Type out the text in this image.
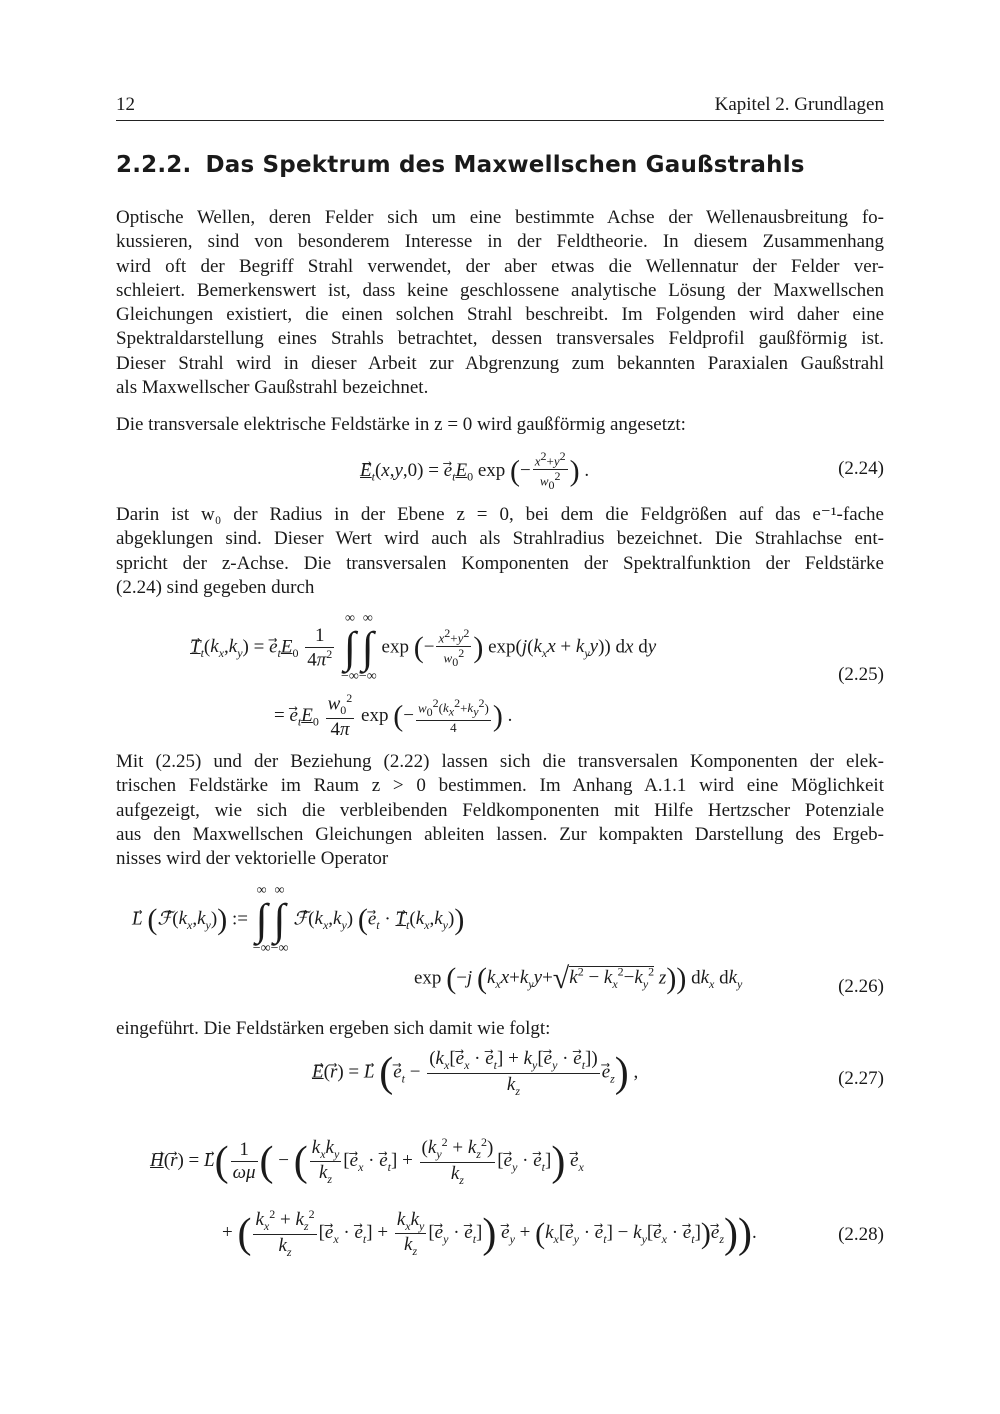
12	Kapitel 2. Grundlagen
2.2.2. Das Spektrum des Maxwellschen Gaußstrahls
Optische Wellen, deren Felder sich um eine bestimmte Achse der Wellenausbreitung fo-
kussieren, sind von besonderem Interesse in der Feldtheorie. In diesem Zusammenhang
wird oft der Begriff Strahl verwendet, der aber etwas die Wellennatur der Felder ver-
schleiert. Bemerkenswert ist, dass keine geschlossene analytische Lösung der Maxwellschen
Gleichungen existiert, die einen solchen Strahl beschreibt. Im Folgenden wird daher eine
Spektraldarstellung eines Strahls betrachtet, dessen transversales Feldprofil gaußförmig ist.
Dieser Strahl wird in dieser Arbeit zur Abgrenzung zum bekannten Paraxialen Gaußstrahl
als Maxwellscher Gaußstrahl bezeichnet.
Die transversale elektrische Feldstärke in z = 0 wird gaußförmig angesetzt:
$E_t(x,y,0) = e_tE_0$ exp (− $\frac{x^2+y^2}{w_0^2}$ ) .	(2.24)
Darin ist w₀ der Radius in der Ebene z = 0, bei dem die Feldgrößen auf das e⁻¹-fache
abgeklungen sind. Dieser Wert wird auch als Strahlradius bezeichnet. Die Strahlachse ent-
spricht der z-Achse. Die transversalen Komponenten der Spektralfunktion der Feldstärke
(2.24) sind gegeben durch
$T_t(k_x,k_y) = e_tE_0 \frac{1}{4\pi^2}$
∞
∫
−∞∞
∫
−∞ exp (− $\frac{x^2+y^2}{w_0^2}$ ) $\exp(j(k_xx + k_yy))$ dx dy
= $e_tE_0 \frac{w_0^2}{4\pi}$ exp (− $\frac{w_0^2(k_x^2+k_y^2)}{4}$ ) .
(2.25)
Mit (2.25) und der Beziehung (2.22) lassen sich die transversalen Komponenten der elek-
trischen Feldstärke im Raum z > 0 bestimmen. Im Anhang A.1.1 wird eine Möglichkeit
aufgezeigt, wie sich die verbleibenden Feldkomponenten mit Hilfe Hertzscher Potenziale
aus den Maxwellschen Gleichungen ableiten lassen. Zur kompakten Darstellung des Ergeb-
nisses wird der vektorielle Operator
L⃗ $(ℱ⃗(k_x,k_y))$ := ∞
∫
−∞∞
∫
−∞ $ℱ⃗(k_x,k_y) (e_t \cdot T_t(k_x,k_y))$
exp (−j ($k_xx+k_yy+√k^2 - k_x^2-k_y^2$ z)) $dk_x$ $dk_y$	(2.26)
eingeführt. Die Feldstärken ergeben sich damit wie folgt:
E(r⃗) = L⃗ $(e_t - \frac{(k_x[e_x \cdot e_t] + k_y[e_y \cdot e_t])}{k_z} e_z)$ ,	(2.27)
H(r⃗) = $L( \frac{1}{\omega\mu}$ ( − ( $\frac{k_xk_y}{k_z} [e_x \cdot e_t] + \frac{(k_y^2 + k_z^2)}{k_z} [e_y \cdot e_t]$) $e_x$
+ ( $\frac{k_x^2 + k_z^2}{k_z} [e_x \cdot e_t] + \frac{k_xk_y}{k_z} [e_y \cdot e_t]$) $e_y + (k_x[e_y \cdot e_t] - k_y[e_x \cdot e_t])e_z$)).	(2.28)
